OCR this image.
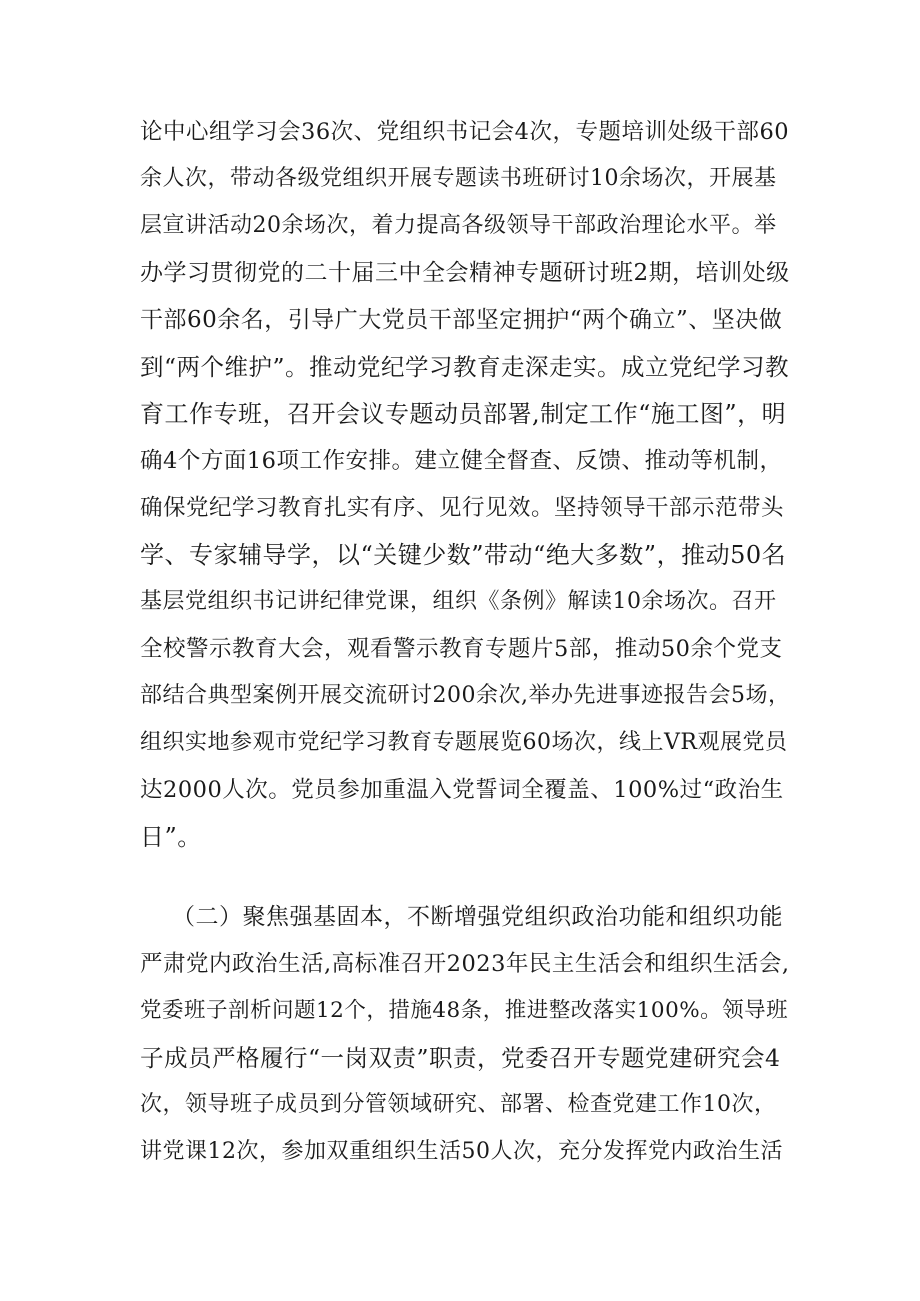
论中心组学习会36次、党组织书记会4次，专题培训处级干部60
余人次，带动各级党组织开展专题读书班研讨10余场次，开展基
层宣讲活动20余场次，着力提高各级领导干部政治理论水平。举
办学习贯彻党的二十届三中全会精神专题研讨班2期，培训处级
干部60余名，引导广大党员干部坚定拥护“两个确立”、坚决做
到“两个维护”。推动党纪学习教育走深走实。成立党纪学习教
育工作专班，召开会议专题动员部署,制定工作“施工图”，明
确4个方面16项工作安排。建立健全督查、反馈、推动等机制，
确保党纪学习教育扎实有序、见行见效。坚持领导干部示范带头
学、专家辅导学，以“关键少数”带动“绝大多数”，推动50名
基层党组织书记讲纪律党课，组织《条例》解读10余场次。召开
全校警示教育大会，观看警示教育专题片5部，推动50余个党支
部结合典型案例开展交流研讨200余次,举办先进事迹报告会5场，
组织实地参观市党纪学习教育专题展览60场次，线上VR观展党员
达2000人次。党员参加重温入党誓词全覆盖、100%过“政治生
日”。
（二）聚焦强基固本，不断增强党组织政治功能和组织功能
严肃党内政治生活,高标准召开2023年民主生活会和组织生活会,
党委班子剖析问题12个，措施48条，推进整改落实100%。领导班
子成员严格履行“一岗双责”职责，党委召开专题党建研究会4
次，领导班子成员到分管领域研究、部署、检查党建工作10次，
讲党课12次，参加双重组织生活50人次，充分发挥党内政治生活
